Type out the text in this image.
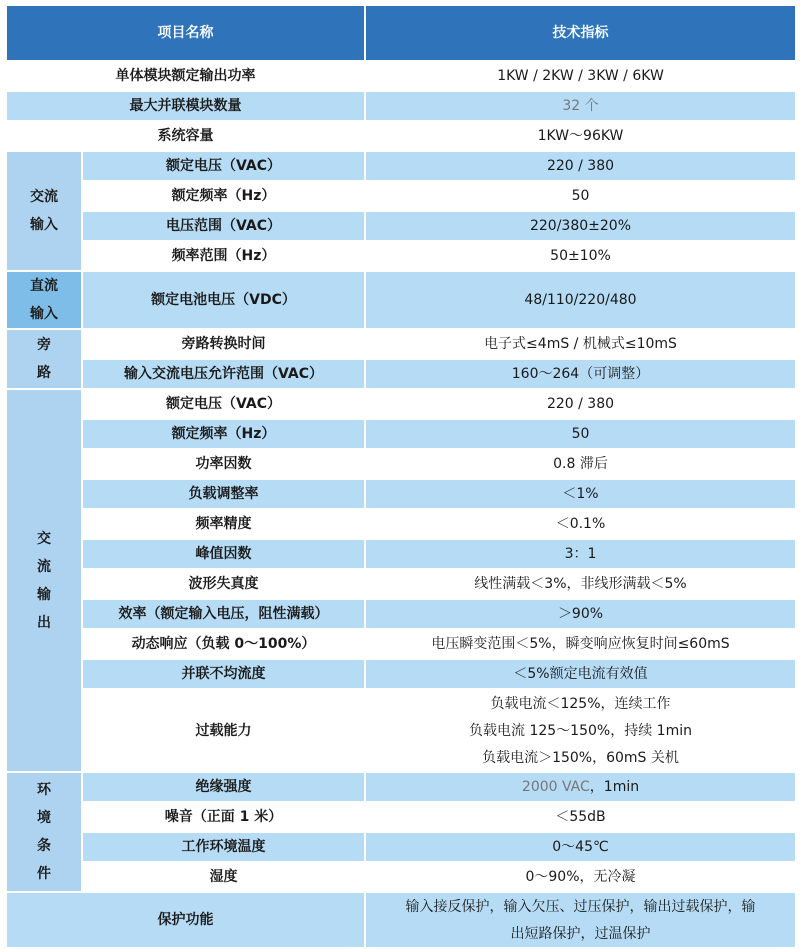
项目名称		技术指标
单体模块额定输出功率		1KW / 2KW / 3KW / 6KW
最大并联模块数量		32 个
系统容量		1KW～96KW

交流
输入	额定电压（VAC）	220 / 380
	额定频率（Hz）	50
	电压范围（VAC）	220/380±20%
	频率范围（Hz）	50±10%

直流
输入	额定电池电压（VDC）	48/110/220/480

旁
路	旁路转换时间	电子式≤4mS / 机械式≤10mS
	输入交流电压允许范围（VAC）	160～264（可调整）

交
流
输
出	额定电压（VAC）	220 / 380
	额定频率（Hz）	50
	功率因数	0.8 滞后
	负载调整率	＜1%
	频率精度	＜0.1%
	峰值因数	3：1
	波形失真度	线性满载＜3%，非线形满载＜5%
	效率（额定输入电压，阻性满载）	＞90%
	动态响应（负载 0～100%）	电压瞬变范围＜5%，瞬变响应恢复时间≤60mS
	并联不均流度	＜5%额定电流有效值
	过载能力	负载电流＜125%，连续工作
负载电流 125～150%，持续 1min
负载电流＞150%，60mS 关机

环
境
条
件	绝缘强度	2000 VAC，1min
	噪音（正面 1 米）	＜55dB
	工作环境温度	0～45℃
	湿度	0～90%，无冷凝
保护功能		输入接反保护，输入欠压、过压保护，输出过载保护，输
出短路保护，过温保护
